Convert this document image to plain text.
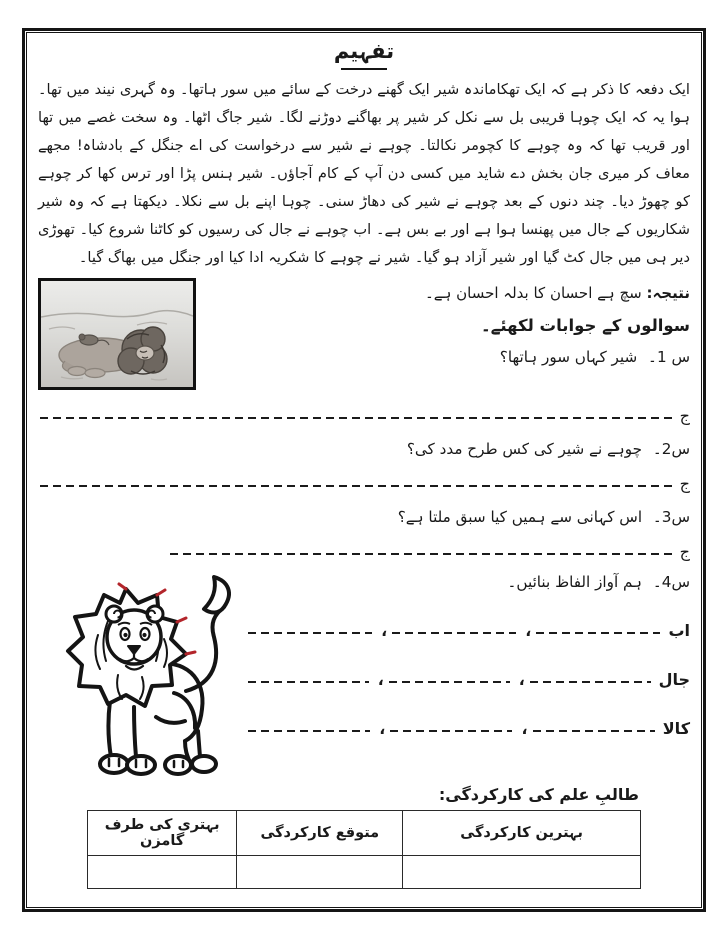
تفہیم

ایک دفعہ کا ذکر ہے کہ ایک تھکاماندہ شیر ایک گھنے درخت کے سائے میں سور ہاتھا۔ وہ گہری نیند میں تھا۔ ہوا یہ کہ ایک چوہا قریبی بل سے نکل کر شیر پر بھاگنے دوڑنے لگا۔ شیر جاگ اٹھا۔ وہ سخت غصے میں تھا اور قریب تھا کہ وہ چوہے کا کچومر نکالتا۔ چوہے نے شیر سے درخواست کی اے جنگل کے بادشاہ! مجھے معاف کر میری جان بخش دے شاید میں کسی دن آپ کے کام آجاؤں۔ شیر ہنس پڑا اور ترس کھا کر چوہے کو چھوڑ دیا۔ چند دنوں کے بعد چوہے نے شیر کی دھاڑ سنی۔ چوہا اپنے بل سے نکلا۔ دیکھتا ہے کہ وہ شیر شکاریوں کے جال میں پھنسا ہوا ہے اور بے بس ہے۔ اب چوہے نے جال کی رسیوں کو کاٹنا شروع کیا۔ تھوڑی دیر ہی میں جال کٹ گیا اور شیر آزاد ہو گیا۔ شیر نے چوہے کا شکریہ ادا کیا اور جنگل میں بھاگ گیا۔

نتیجہ: سچ ہے احسان کا بدلہ احسان ہے۔

سوالوں کے جوابات لکھئے۔

س 1۔ شیر کہاں سور ہاتھا؟

ج

س2۔ چوہے نے شیر کی کس طرح مدد کی؟

ج

س3۔ اس کہانی سے ہمیں کیا سبق ملتا ہے؟

ج

س4۔ ہم آواز الفاظ بنائیں۔

اب
،
،
جال
،
،
کالا
،
،

طالبِ علم کی کارکردگی:

بہترین کارکردگی	متوقع کارکردگی	بہتری کی طرف گامزن
